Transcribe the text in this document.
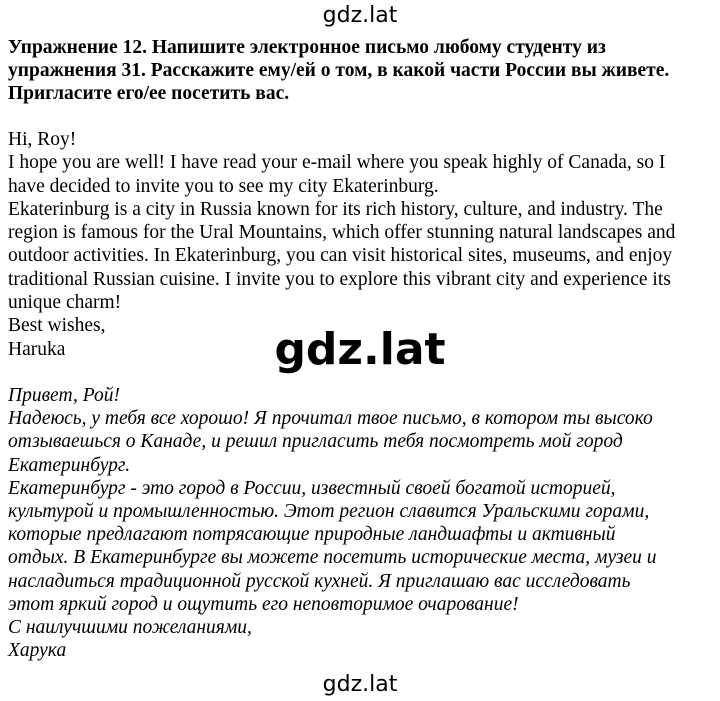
gdz.lat
Упражнение 12. Напишите электронное письмо любому студенту из
упражнения 31. Расскажите ему/ей о том, в какой части России вы живете.
Пригласите его/ее посетить вас.
Hi, Roy!
I hope you are well! I have read your e-mail where you speak highly of Canada, so I
have decided to invite you to see my city Ekaterinburg.
Ekaterinburg is a city in Russia known for its rich history, culture, and industry. The
region is famous for the Ural Mountains, which offer stunning natural landscapes and
outdoor activities. In Ekaterinburg, you can visit historical sites, museums, and enjoy
traditional Russian cuisine. I invite you to explore this vibrant city and experience its
unique charm!
Best wishes,
Haruka	gdz.lat
Привет, Рой!
Надеюсь, у тебя все хорошо! Я прочитал твое письмо, в котором ты высоко
отзываешься о Канаде, и решил пригласить тебя посмотреть мой город
Екатеринбург.
Екатеринбург - это город в России, известный своей богатой историей,
культурой и промышленностью. Этот регион славится Уральскими горами,
которые предлагают потрясающие природные ландшафты и активный
отдых. В Екатеринбурге вы можете посетить исторические места, музеи и
насладиться традиционной русской кухней. Я приглашаю вас исследовать
этот яркий город и ощутить его неповторимое очарование!
С наилучшими пожеланиями,
Харука
gdz.lat
